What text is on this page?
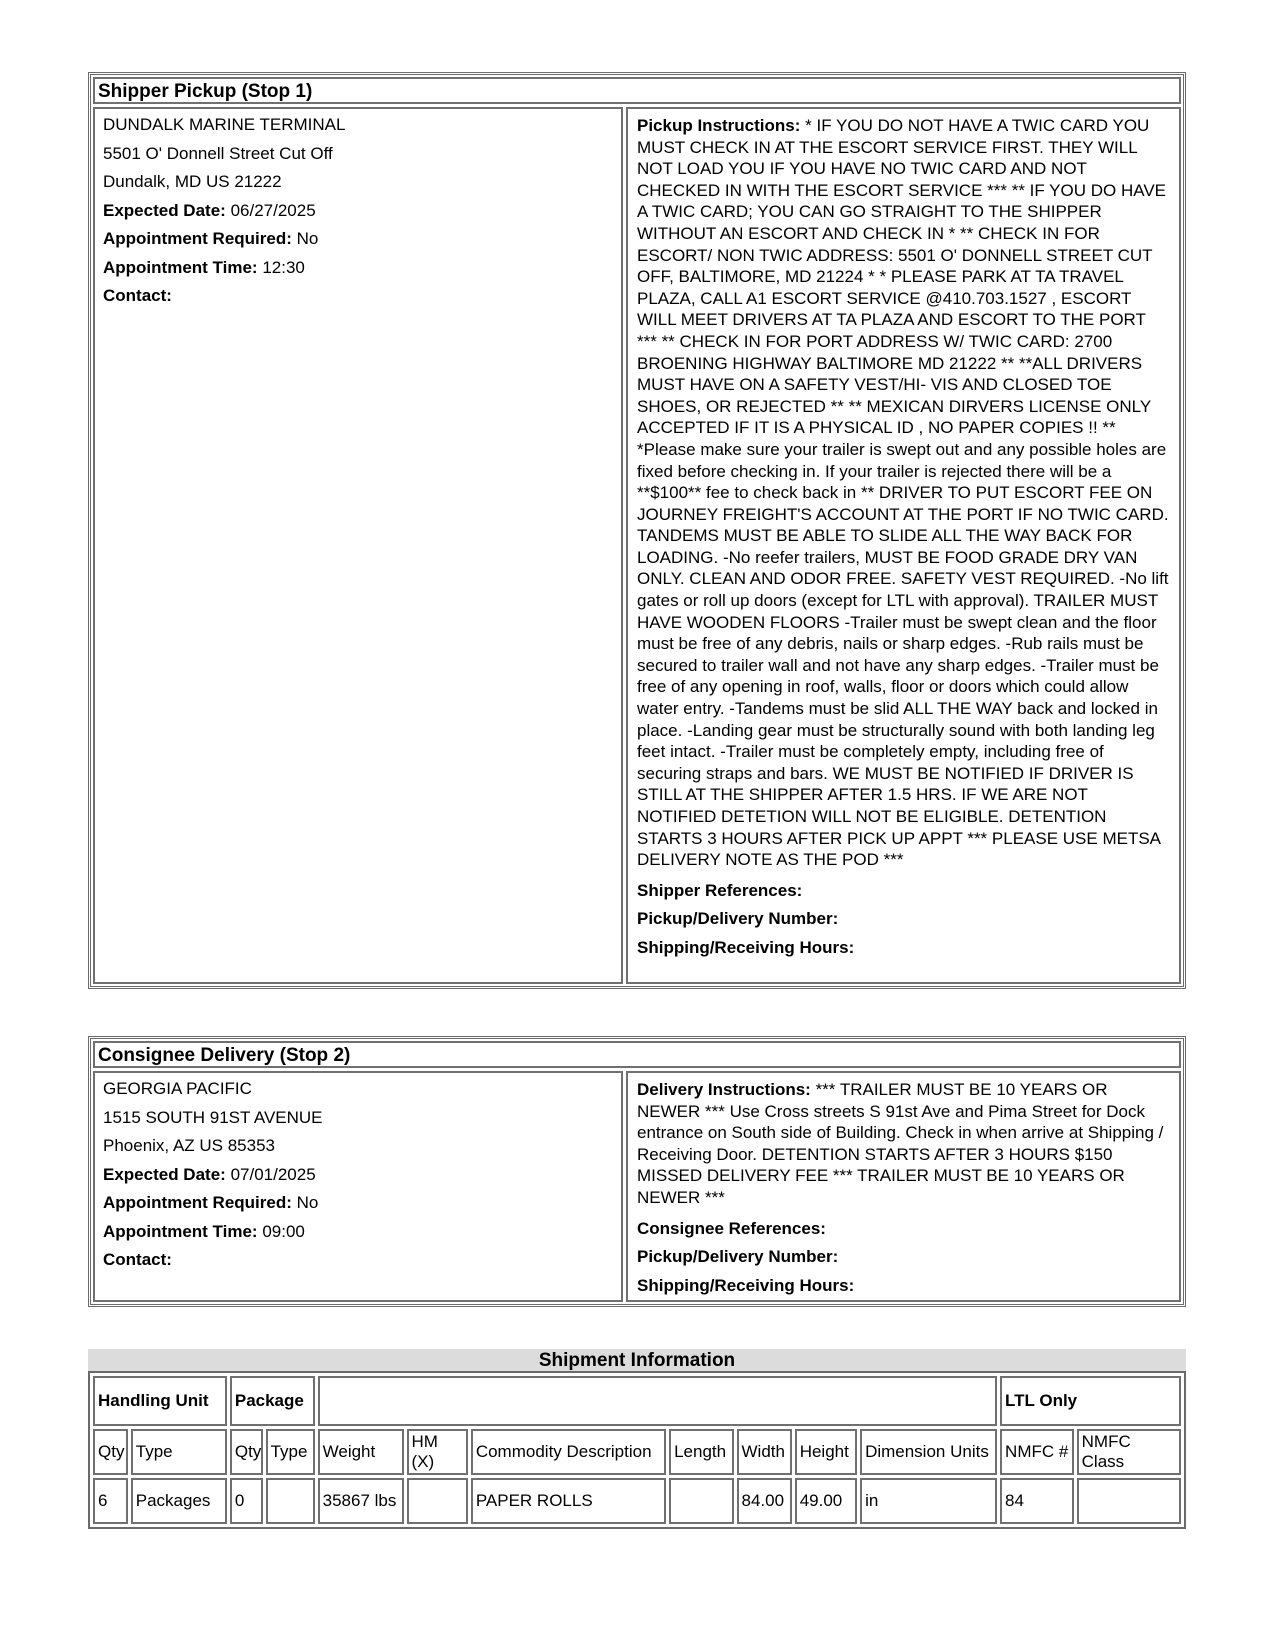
Shipper Pickup (Stop 1)
DUNDALK MARINE TERMINAL
5501 O' Donnell Street Cut Off
Dundalk, MD US 21222
Expected Date: 06/27/2025
Appointment Required: No
Appointment Time: 12:30
Contact:
Pickup Instructions: * IF YOU DO NOT HAVE A TWIC CARD YOU MUST CHECK IN AT THE ESCORT SERVICE FIRST. THEY WILL NOT LOAD YOU IF YOU HAVE NO TWIC CARD AND NOT CHECKED IN WITH THE ESCORT SERVICE *** ** IF YOU DO HAVE A TWIC CARD; YOU CAN GO STRAIGHT TO THE SHIPPER WITHOUT AN ESCORT AND CHECK IN * ** CHECK IN FOR ESCORT/ NON TWIC ADDRESS: 5501 O' DONNELL STREET CUT OFF, BALTIMORE, MD 21224 * * PLEASE PARK AT TA TRAVEL PLAZA, CALL A1 ESCORT SERVICE @410.703.1527 , ESCORT WILL MEET DRIVERS AT TA PLAZA AND ESCORT TO THE PORT *** ** CHECK IN FOR PORT ADDRESS W/ TWIC CARD: 2700 BROENING HIGHWAY BALTIMORE MD 21222 ** **ALL DRIVERS MUST HAVE ON A SAFETY VEST/HI- VIS AND CLOSED TOE SHOES, OR REJECTED ** ** MEXICAN DIRVERS LICENSE ONLY ACCEPTED IF IT IS A PHYSICAL ID , NO PAPER COPIES !! ** *Please make sure your trailer is swept out and any possible holes are fixed before checking in. If your trailer is rejected there will be a **$100** fee to check back in ** DRIVER TO PUT ESCORT FEE ON JOURNEY FREIGHT'S ACCOUNT AT THE PORT IF NO TWIC CARD. TANDEMS MUST BE ABLE TO SLIDE ALL THE WAY BACK FOR LOADING. -No reefer trailers, MUST BE FOOD GRADE DRY VAN ONLY. CLEAN AND ODOR FREE. SAFETY VEST REQUIRED. -No lift gates or roll up doors (except for LTL with approval). TRAILER MUST HAVE WOODEN FLOORS -Trailer must be swept clean and the floor must be free of any debris, nails or sharp edges. -Rub rails must be secured to trailer wall and not have any sharp edges. -Trailer must be free of any opening in roof, walls, floor or doors which could allow water entry. -Tandems must be slid ALL THE WAY back and locked in place. -Landing gear must be structurally sound with both landing leg feet intact. -Trailer must be completely empty, including free of securing straps and bars. WE MUST BE NOTIFIED IF DRIVER IS STILL AT THE SHIPPER AFTER 1.5 HRS. IF WE ARE NOT NOTIFIED DETETION WILL NOT BE ELIGIBLE. DETENTION STARTS 3 HOURS AFTER PICK UP APPT *** PLEASE USE METSA DELIVERY NOTE AS THE POD ***
Shipper References:
Pickup/Delivery Number:
Shipping/Receiving Hours:
Consignee Delivery (Stop 2)
GEORGIA PACIFIC
1515 SOUTH 91ST AVENUE
Phoenix, AZ US 85353
Expected Date: 07/01/2025
Appointment Required: No
Appointment Time: 09:00
Contact:
Delivery Instructions: *** TRAILER MUST BE 10 YEARS OR NEWER *** Use Cross streets S 91st Ave and Pima Street for Dock entrance on South side of Building. Check in when arrive at Shipping / Receiving Door. DETENTION STARTS AFTER 3 HOURS $150 MISSED DELIVERY FEE *** TRAILER MUST BE 10 YEARS OR NEWER ***
Consignee References:
Pickup/Delivery Number:
Shipping/Receiving Hours:
Shipment Information
Handling Unit		Package									LTL Only	
Qty	Type	Qty	Type	Weight	HM (X)	Commodity Description	Length	Width	Height	Dimension Units	NMFC #	NMFC Class
6	Packages	0		35867 lbs		PAPER ROLLS		84.00	49.00	in	84	
